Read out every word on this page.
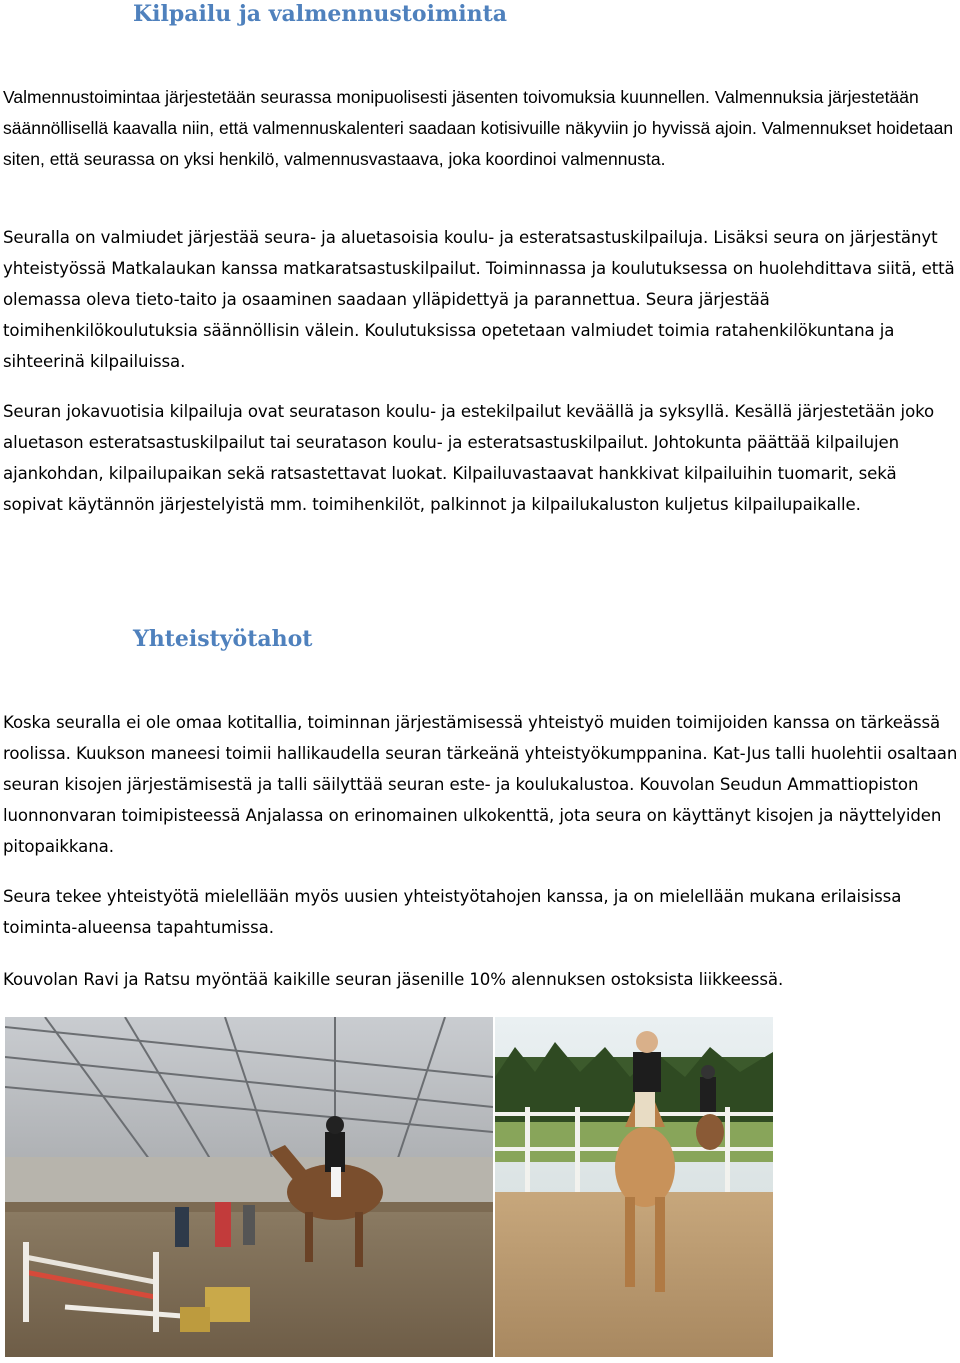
Kilpailu ja valmennustoiminta

Valmennustoimintaa järjestetään seurassa monipuolisesti jäsenten toivomuksia kuunnellen. Valmennuksia järjestetään säännöllisellä kaavalla niin, että valmennuskalenteri saadaan kotisivuille näkyviin jo hyvissä ajoin. Valmennukset hoidetaan siten, että seurassa on yksi henkilö, valmennusvastaava, joka koordinoi valmennusta.

Seuralla on valmiudet järjestää seura- ja aluetasoisia koulu- ja esteratsastuskilpailuja. Lisäksi seura on järjestänyt yhteistyössä Matkalaukan kanssa matkaratsastuskilpailut. Toiminnassa ja koulutuksessa on huolehdittava siitä, että olemassa oleva tieto-taito ja osaaminen saadaan ylläpidettyä ja parannettua. Seura järjestää toimihenkilökoulutuksia säännöllisin välein. Koulutuksissa opetetaan valmiudet toimia ratahenkilökuntana ja sihteerinä kilpailuissa.

Seuran jokavuotisia kilpailuja ovat seuratason koulu- ja estekilpailut keväällä ja syksyllä. Kesällä järjestetään joko aluetason esteratsastuskilpailut tai seuratason koulu- ja esteratsastuskilpailut. Johtokunta päättää kilpailujen ajankohdan, kilpailupaikan sekä ratsastettavat luokat. Kilpailuvastaavat hankkivat kilpailuihin tuomarit, sekä sopivat käytännön järjestelyistä mm. toimihenkilöt, palkinnot ja kilpailukaluston kuljetus kilpailupaikalle.

Yhteistyötahot

Koska seuralla ei ole omaa kotitallia, toiminnan järjestämisessä yhteistyö muiden toimijoiden kanssa on tärkeässä roolissa. Kuukson maneesi toimii hallikaudella seuran tärkeänä yhteistyökumppanina. Kat-Jus talli huolehtii osaltaan seuran kisojen järjestämisestä ja talli säilyttää seuran este- ja koulukalustoa. Kouvolan Seudun Ammattiopiston luonnonvaran toimipisteessä Anjalassa on erinomainen ulkokenttä, jota seura on käyttänyt kisojen ja näyttelyiden pitopaikkana.

Seura tekee yhteistyötä mielellään myös uusien yhteistyötahojen kanssa, ja on mielellään mukana erilaisissa toiminta-alueensa tapahtumissa.

Kouvolan Ravi ja Ratsu myöntää kaikille seuran jäsenille 10% alennuksen ostoksista liikkeessä.
